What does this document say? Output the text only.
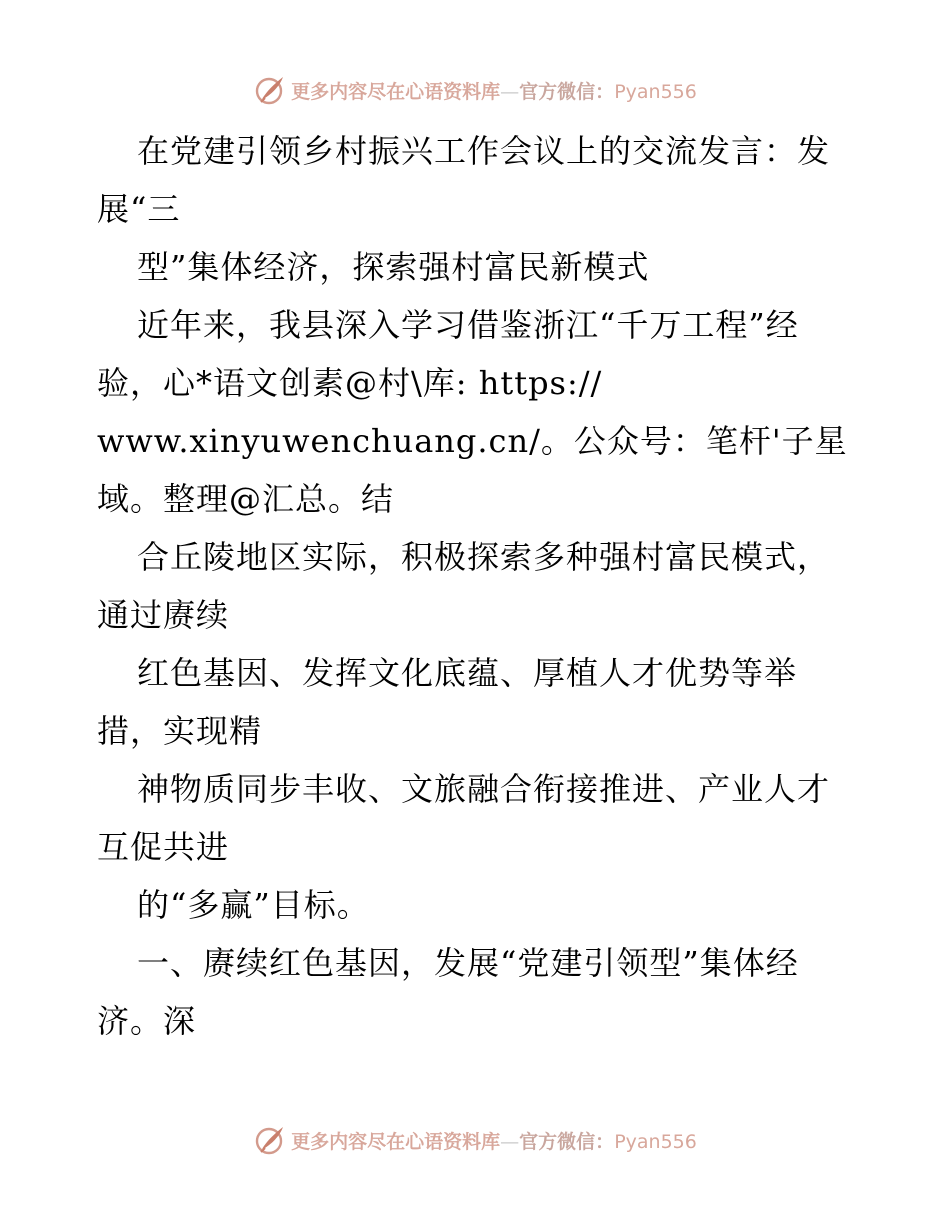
更多内容尽在心语资料库—官方微信：Pyan556
在党建引领乡村振兴工作会议上的交流发言：发
展“三
型”集体经济，探索强村富民新模式
近年来，我县深入学习借鉴浙江“千万工程”经
验，心*语文创素@村\库: https://
www.xinyuwenchuang.cn/。公众号：笔杆'子星
域。整理@汇总。结
合丘陵地区实际，积极探索多种强村富民模式，
通过赓续
红色基因、发挥文化底蕴、厚植人才优势等举
措，实现精
神物质同步丰收、文旅融合衔接推进、产业人才
互促共进
的“多赢”目标。
一、赓续红色基因，发展“党建引领型”集体经
济。深
更多内容尽在心语资料库—官方微信：Pyan556
